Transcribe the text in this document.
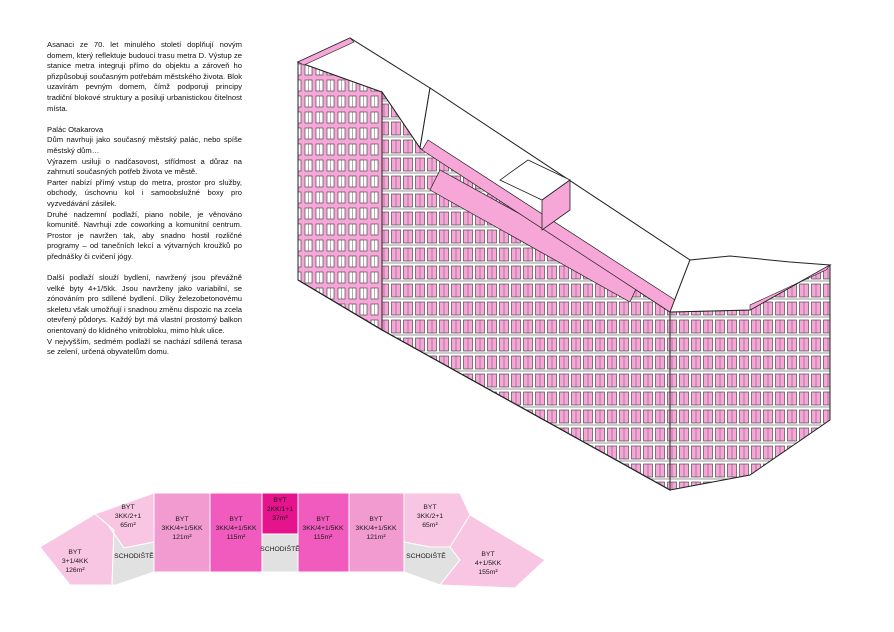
Asanaci ze 70. let minulého století doplňují novým domem, který reflektuje budoucí trasu metra D. Výstup ze stanice metra integruji přímo do objektu a zároveň ho přizpůsobuji současným potřebám městského života. Blok uzavírám pevným domem, čímž podporuji principy tradiční blokové struktury a posiluji urbanistickou čitelnost místa.

Palác Otakarova
Dům navrhuji jako současný městský palác, nebo spíše městský dům…
Výrazem usiluji o nadčasovost, střídmost a důraz na zahrnutí současných potřeb života ve městě.
Parter nabízí přímý vstup do metra, prostor pro služby, obchody, úschovnu kol i samoobslužné boxy pro vyzvedávání zásilek.
Druhé nadzemní podlaží, piano nobile, je věnováno komunitě. Navrhuji zde coworking a komunitní centrum. Prostor je navržen tak, aby snadno hostil rozličné programy – od tanečních lekcí a výtvarných kroužků po přednášky či cvičení jógy.

Další podlaží slouží bydlení, navržený jsou převážně velké byty 4+1/5kk. Jsou navrženy jako variabilní, se zónováním pro sdílené bydlení. Díky železobetonovému skeletu však umožňují i snadnou změnu dispozic na zcela otevřený půdorys. Každý byt má vlastní prostorný balkon orientovaný do klidného vnitrobloku, mimo hluk ulice.

V nejvyšším, sedmém podlaží se nachází sdílená terasa se zelení, určená obyvatelům domu.

BYT 3+1/4KK 126m²
BYT 3KK/2+1 65m²
BYT 3KK/4+1/5KK 121m²
BYT 3KK/4+1/5KK 115m²
BYT 2KK/1+1 37m²	BYT 3KK/4+1/5KK 115m²
BYT 3KK/4+1/5KK 121m²
BYT 3KK/2+1 65m²
BYT 4+1/5KK 155m²
SCHODIŠTĚ
SCHODIŠTĚ
SCHODIŠTĚ
